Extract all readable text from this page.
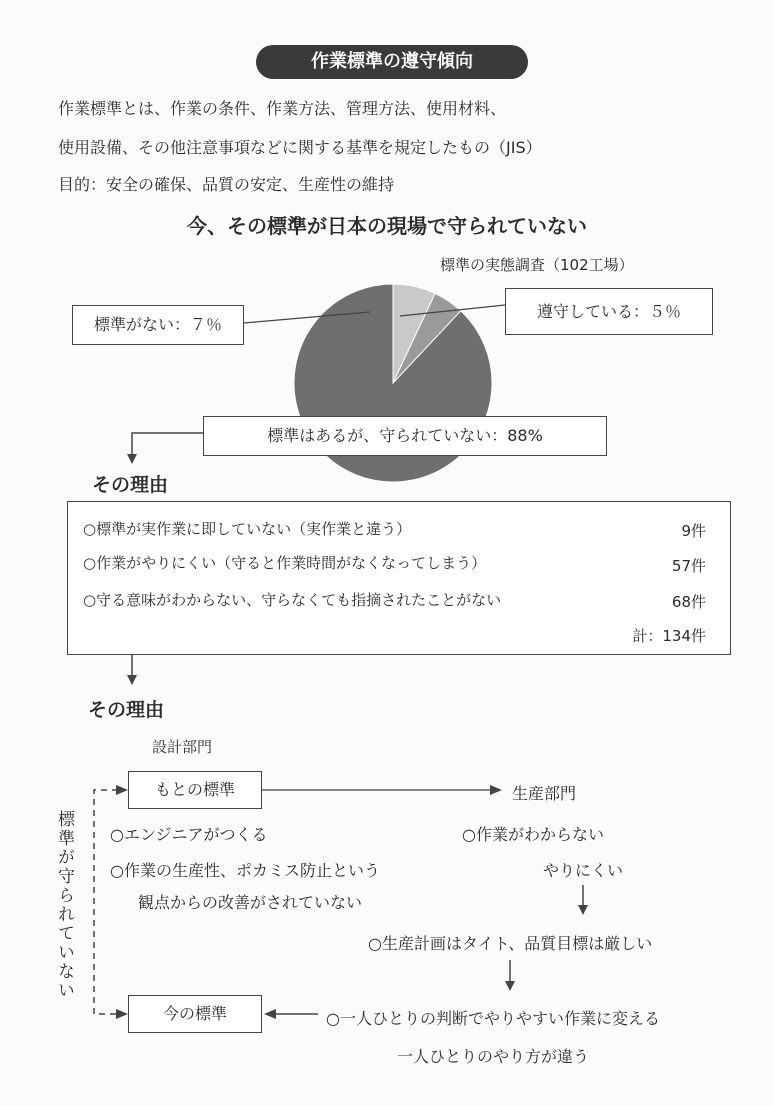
作業標準の遵守傾向
作業標準とは、作業の条件、作業方法、管理方法、使用材料、
使用設備、その他注意事項などに関する基準を規定したもの（JIS）
目的：安全の確保、品質の安定、生産性の維持
今、その標準が日本の現場で守られていない
標準の実態調査（102工場）
標準がない：７％
遵守している：５％
標準はあるが、守られていない：88%
その理由
○標準が実作業に即していない（実作業と違う）	9件
○作業がやりにくい（守ると作業時間がなくなってしまう）	57件
○守る意味がわからない、守らなくても指摘されたことがない	68件
計：134件
その理由
設計部門
もとの標準	生産部門
○エンジニアがつくる	○作業がわからない
○作業の生産性、ポカミス防止という	やりにくい
観点からの改善がされていない
○生産計画はタイト、品質目標は厳しい
今の標準	○一人ひとりの判断でやりやすい作業に変える
一人ひとりのやり方が違う
標準が守られていない
